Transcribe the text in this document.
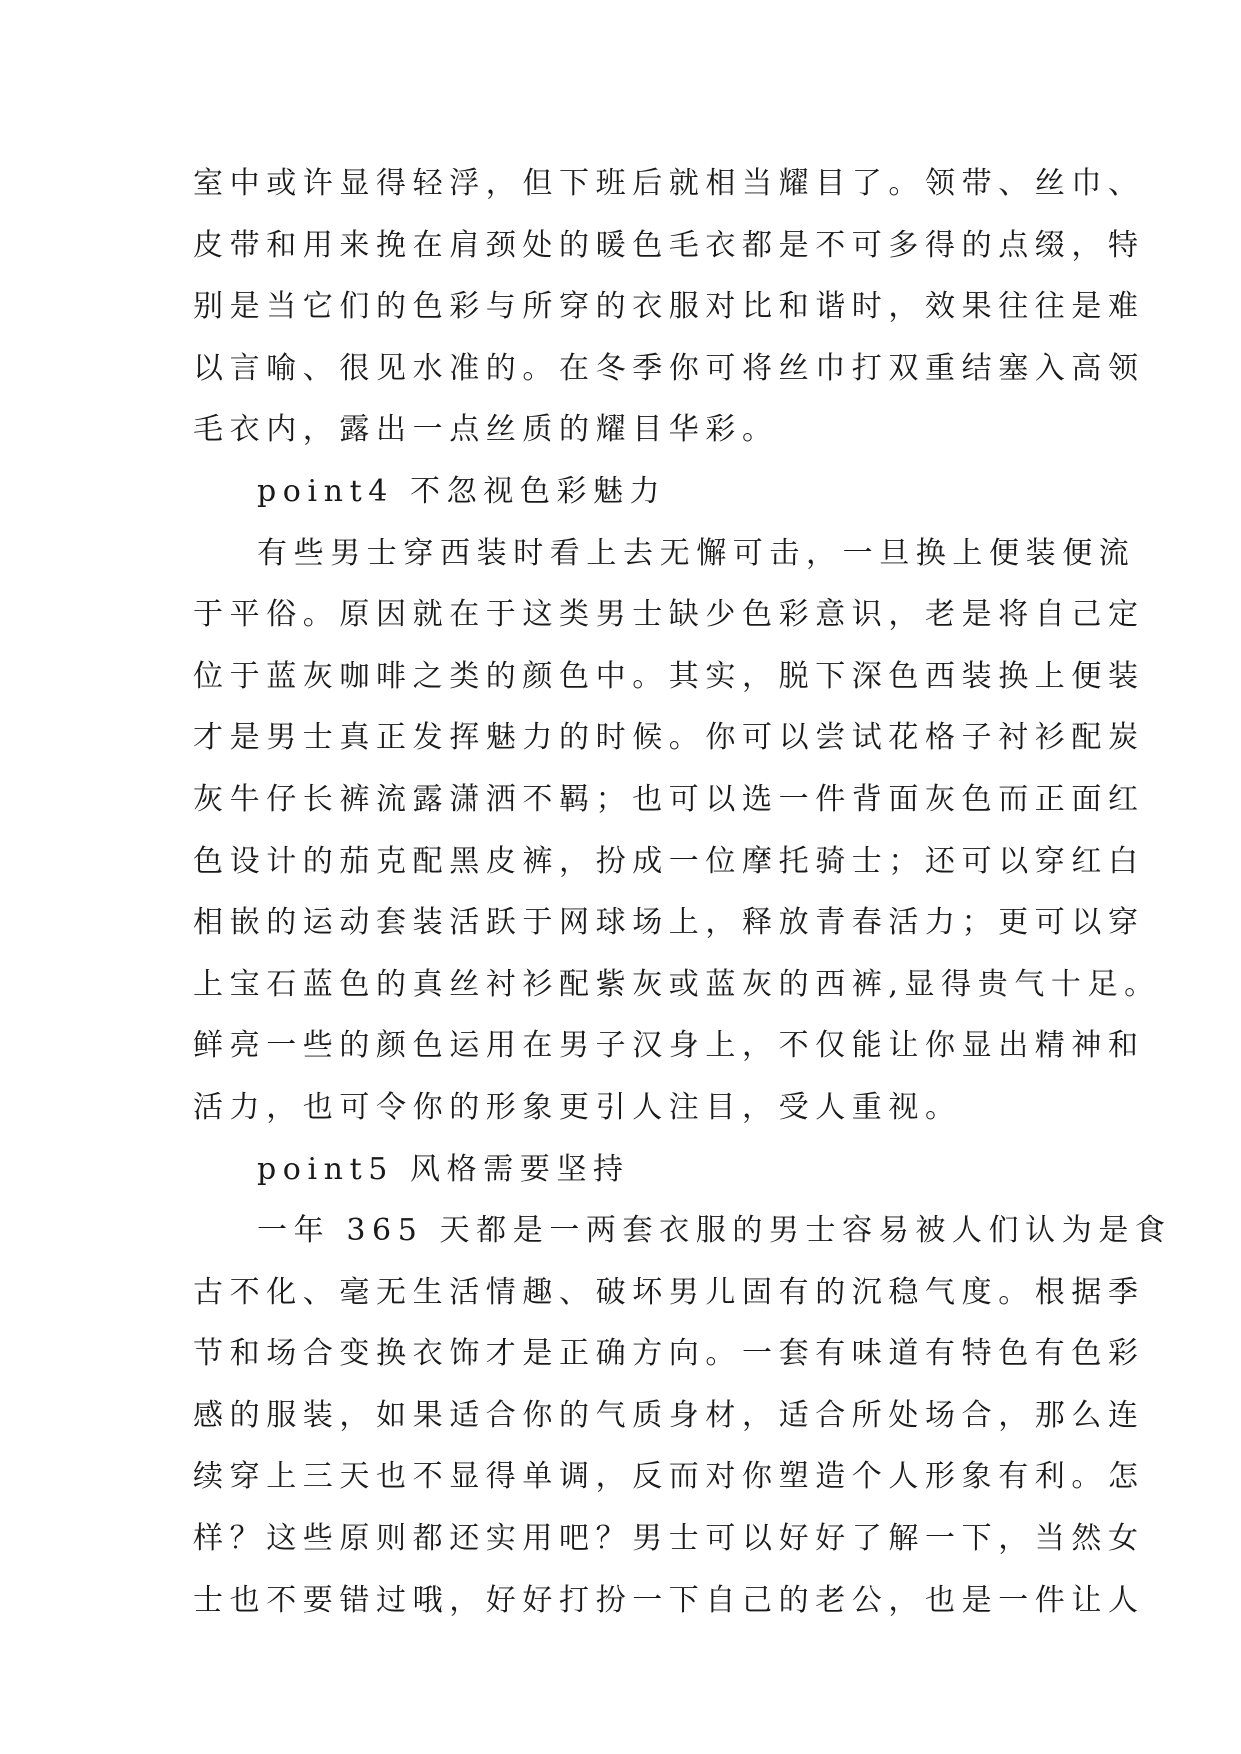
室中或许显得轻浮，但下班后就相当耀目了。领带、丝巾、
皮带和用来挽在肩颈处的暖色毛衣都是不可多得的点缀，特
别是当它们的色彩与所穿的衣服对比和谐时，效果往往是难
以言喻、很见水准的。在冬季你可将丝巾打双重结塞入高领
毛衣内，露出一点丝质的耀目华彩。
point4 不忽视色彩魅力
有些男士穿西装时看上去无懈可击，一旦换上便装便流
于平俗。原因就在于这类男士缺少色彩意识，老是将自己定
位于蓝灰咖啡之类的颜色中。其实，脱下深色西装换上便装
才是男士真正发挥魅力的时候。你可以尝试花格子衬衫配炭
灰牛仔长裤流露潇洒不羁；也可以选一件背面灰色而正面红
色设计的茄克配黑皮裤，扮成一位摩托骑士；还可以穿红白
相嵌的运动套装活跃于网球场上，释放青春活力；更可以穿
上宝石蓝色的真丝衬衫配紫灰或蓝灰的西裤,显得贵气十足。
鲜亮一些的颜色运用在男子汉身上，不仅能让你显出精神和
活力，也可令你的形象更引人注目，受人重视。
point5 风格需要坚持
一年 365 天都是一两套衣服的男士容易被人们认为是食
古不化、毫无生活情趣、破坏男儿固有的沉稳气度。根据季
节和场合变换衣饰才是正确方向。一套有味道有特色有色彩
感的服装，如果适合你的气质身材，适合所处场合，那么连
续穿上三天也不显得单调，反而对你塑造个人形象有利。怎
样？这些原则都还实用吧？男士可以好好了解一下，当然女
士也不要错过哦，好好打扮一下自己的老公，也是一件让人
